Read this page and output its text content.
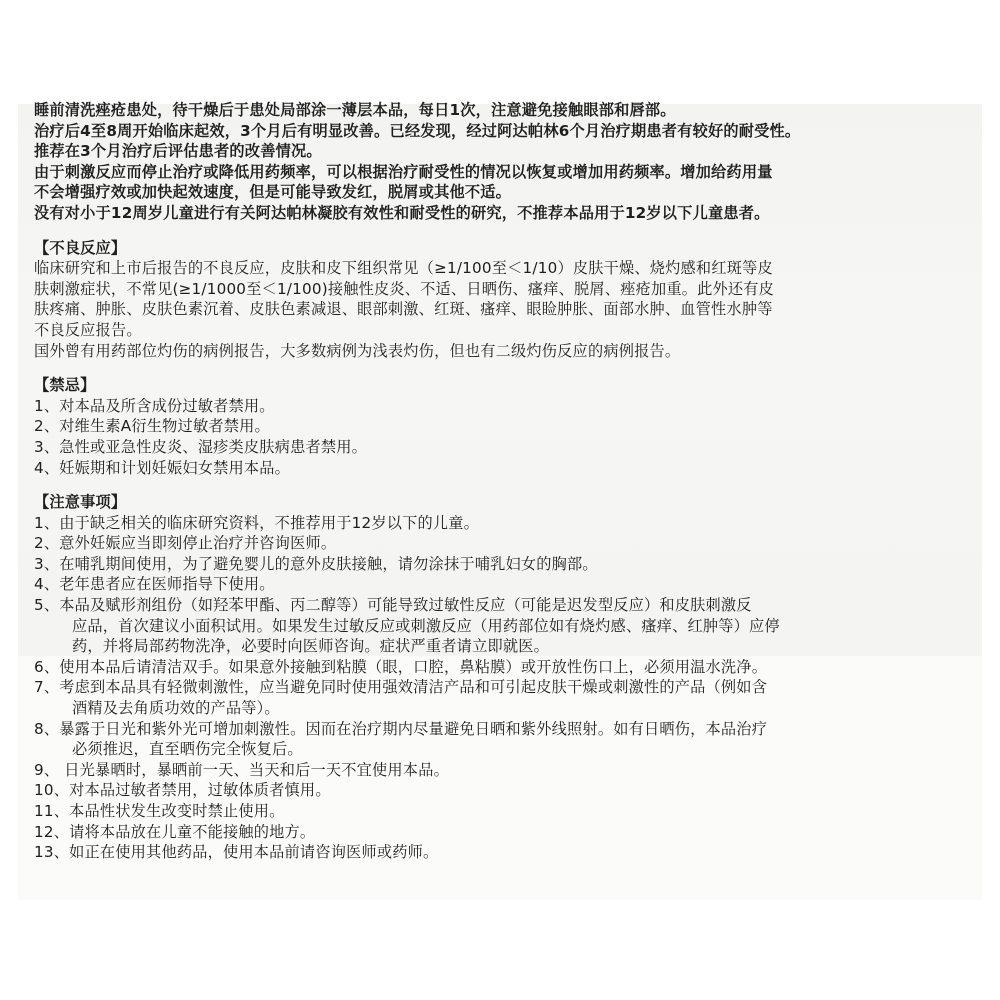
睡前清洗痤疮患处，待干燥后于患处局部涂一薄层本品，每日1次，注意避免接触眼部和唇部。
治疗后4至8周开始临床起效，3个月后有明显改善。已经发现，经过阿达帕林6个月治疗期患者有较好的耐受性。
推荐在3个月治疗后评估患者的改善情况。
由于刺激反应而停止治疗或降低用药频率，可以根据治疗耐受性的情况以恢复或增加用药频率。增加给药用量
不会增强疗效或加快起效速度，但是可能导致发红，脱屑或其他不适。
没有对小于12周岁儿童进行有关阿达帕林凝胶有效性和耐受性的研究，不推荐本品用于12岁以下儿童患者。
【不良反应】
临床研究和上市后报告的不良反应，皮肤和皮下组织常见（≥1/100至＜1/10）皮肤干燥、烧灼感和红斑等皮
肤刺激症状，不常见(≥1/1000至＜1/100)接触性皮炎、不适、日晒伤、瘙痒、脱屑、痤疮加重。此外还有皮
肤疼痛、肿胀、皮肤色素沉着、皮肤色素减退、眼部刺激、红斑、瘙痒、眼睑肿胀、面部水肿、血管性水肿等
不良反应报告。
国外曾有用药部位灼伤的病例报告，大多数病例为浅表灼伤，但也有二级灼伤反应的病例报告。
【禁忌】
1、对本品及所含成份过敏者禁用。
2、对维生素A衍生物过敏者禁用。
3、急性或亚急性皮炎、湿疹类皮肤病患者禁用。
4、妊娠期和计划妊娠妇女禁用本品。
【注意事项】
1、由于缺乏相关的临床研究资料，不推荐用于12岁以下的儿童。
2、意外妊娠应当即刻停止治疗并咨询医师。
3、在哺乳期间使用，为了避免婴儿的意外皮肤接触，请勿涂抹于哺乳妇女的胸部。
4、老年患者应在医师指导下使用。
5、本品及赋形剂组份（如羟苯甲酯、丙二醇等）可能导致过敏性反应（可能是迟发型反应）和皮肤刺激反
应品，首次建议小面积试用。如果发生过敏反应或刺激反应（用药部位如有烧灼感、瘙痒、红肿等）应停
药，并将局部药物洗净，必要时向医师咨询。症状严重者请立即就医。
6、使用本品后请清洁双手。如果意外接触到粘膜（眼，口腔，鼻粘膜）或开放性伤口上，必须用温水洗净。
7、考虑到本品具有轻微刺激性，应当避免同时使用强效清洁产品和可引起皮肤干燥或刺激性的产品（例如含
酒精及去角质功效的产品等）。
8、暴露于日光和紫外光可增加刺激性。因而在治疗期内尽量避免日晒和紫外线照射。如有日晒伤，本品治疗
必须推迟，直至晒伤完全恢复后。
9、 日光暴晒时，暴晒前一天、当天和后一天不宜使用本品。
10、对本品过敏者禁用，过敏体质者慎用。
11、本品性状发生改变时禁止使用。
12、请将本品放在儿童不能接触的地方。
13、如正在使用其他药品，使用本品前请咨询医师或药师。
